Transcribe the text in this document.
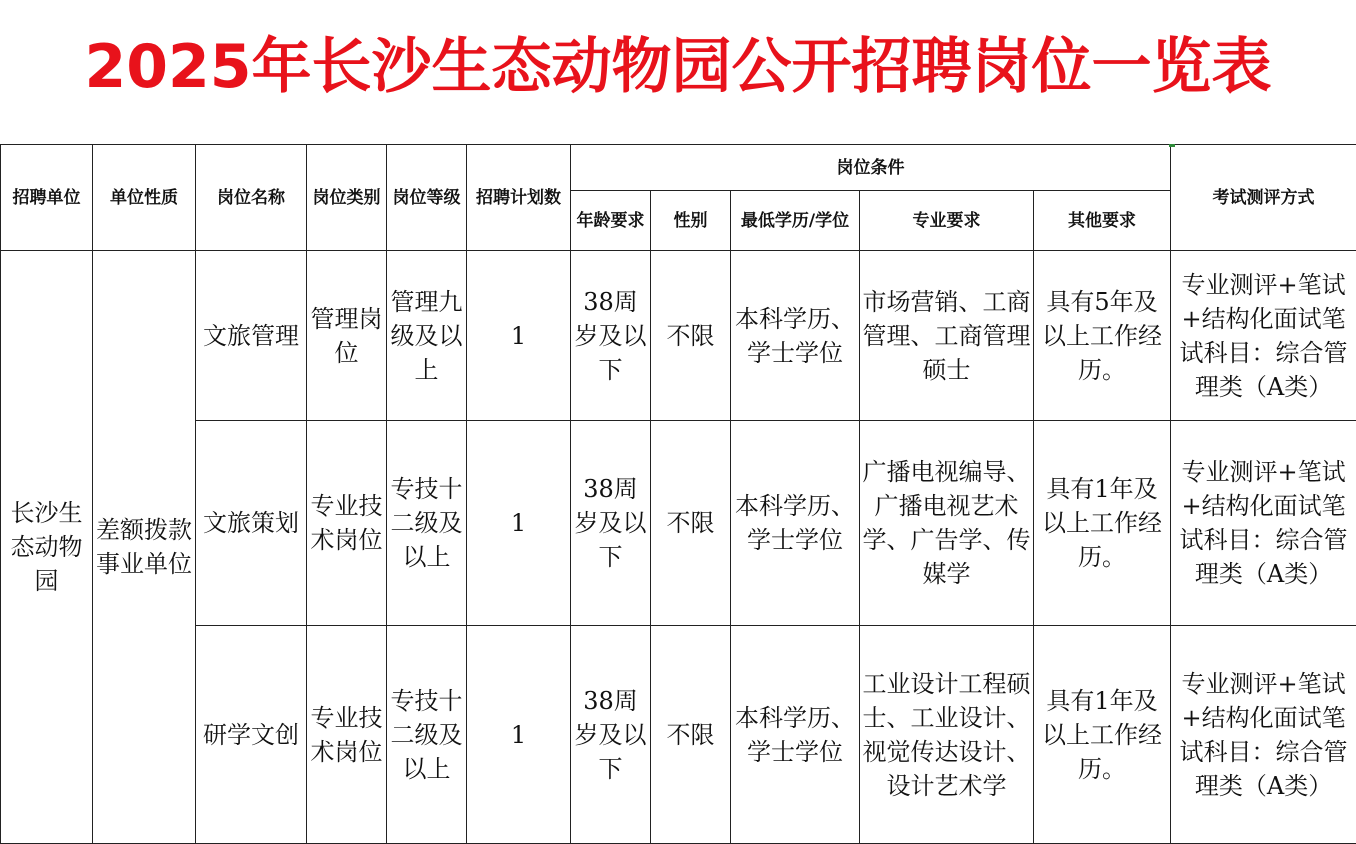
2025年长沙生态动物园公开招聘岗位一览表
招聘单位	单位性质	岗位名称	岗位类别	岗位等级	招聘计划数	岗位条件					考试测评方式
						年龄要求	性别	最低学历/学位	专业要求	其他要求	
长沙生态动物园	差额拨款事业单位	文旅管理	管理岗位	管理九级及以上	1	38周岁及以下	不限	本科学历、学士学位	市场营销、工商管理、工商管理硕士	具有5年及以上工作经历。	专业测评+笔试+结构化面试笔试科目：综合管理类（A类）
		文旅策划	专业技术岗位	专技十二级及以上	1	38周岁及以下	不限	本科学历、学士学位	广播电视编导、广播电视艺术学、广告学、传媒学	具有1年及以上工作经历。	专业测评+笔试+结构化面试笔试科目：综合管理类（A类）
		研学文创	专业技术岗位	专技十二级及以上	1	38周岁及以下	不限	本科学历、学士学位	工业设计工程硕士、工业设计、视觉传达设计、设计艺术学	具有1年及以上工作经历。	专业测评+笔试+结构化面试笔试科目：综合管理类（A类）
